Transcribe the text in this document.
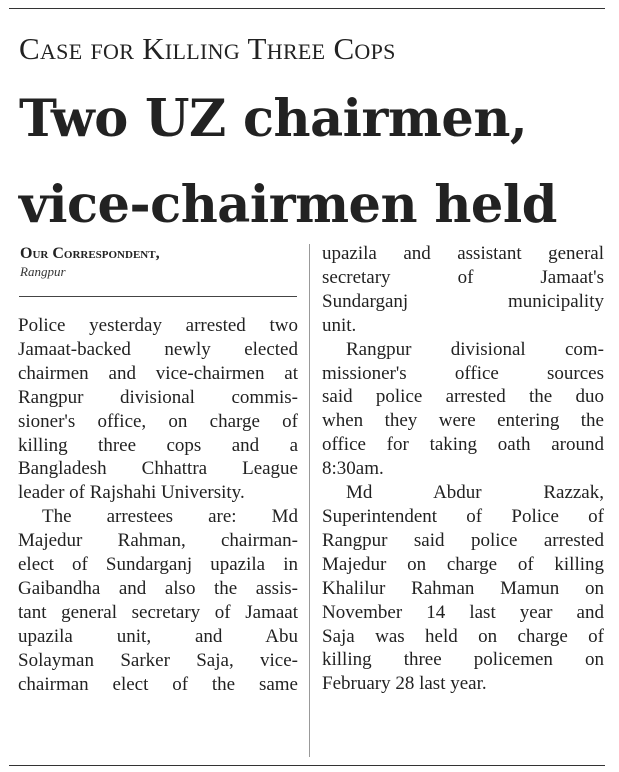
Case for Killing Three Cops
Two UZ chairmen,
vice-chairmen held
Our Correspondent,
Rangpur
Police yesterday arrested two
Jamaat-backed newly elected
chairmen and vice-chairmen at
Rangpur divisional commis-
sioner's office, on charge of
killing three cops and a
Bangladesh Chhattra League
leader of Rajshahi University.
The arrestees are: Md
Majedur Rahman, chairman-
elect of Sundarganj upazila in
Gaibandha and also the assis-
tant general secretary of Jamaat
upazila unit, and Abu
Solayman Sarker Saja, vice-
chairman elect of the same
upazila and assistant general
secretary of Jamaat's
Sundarganj municipality
unit.
Rangpur divisional com-
missioner's office sources
said police arrested the duo
when they were entering the
office for taking oath around
8:30am.
Md Abdur Razzak,
Superintendent of Police of
Rangpur said police arrested
Majedur on charge of killing
Khalilur Rahman Mamun on
November 14 last year and
Saja was held on charge of
killing three policemen on
February 28 last year.
